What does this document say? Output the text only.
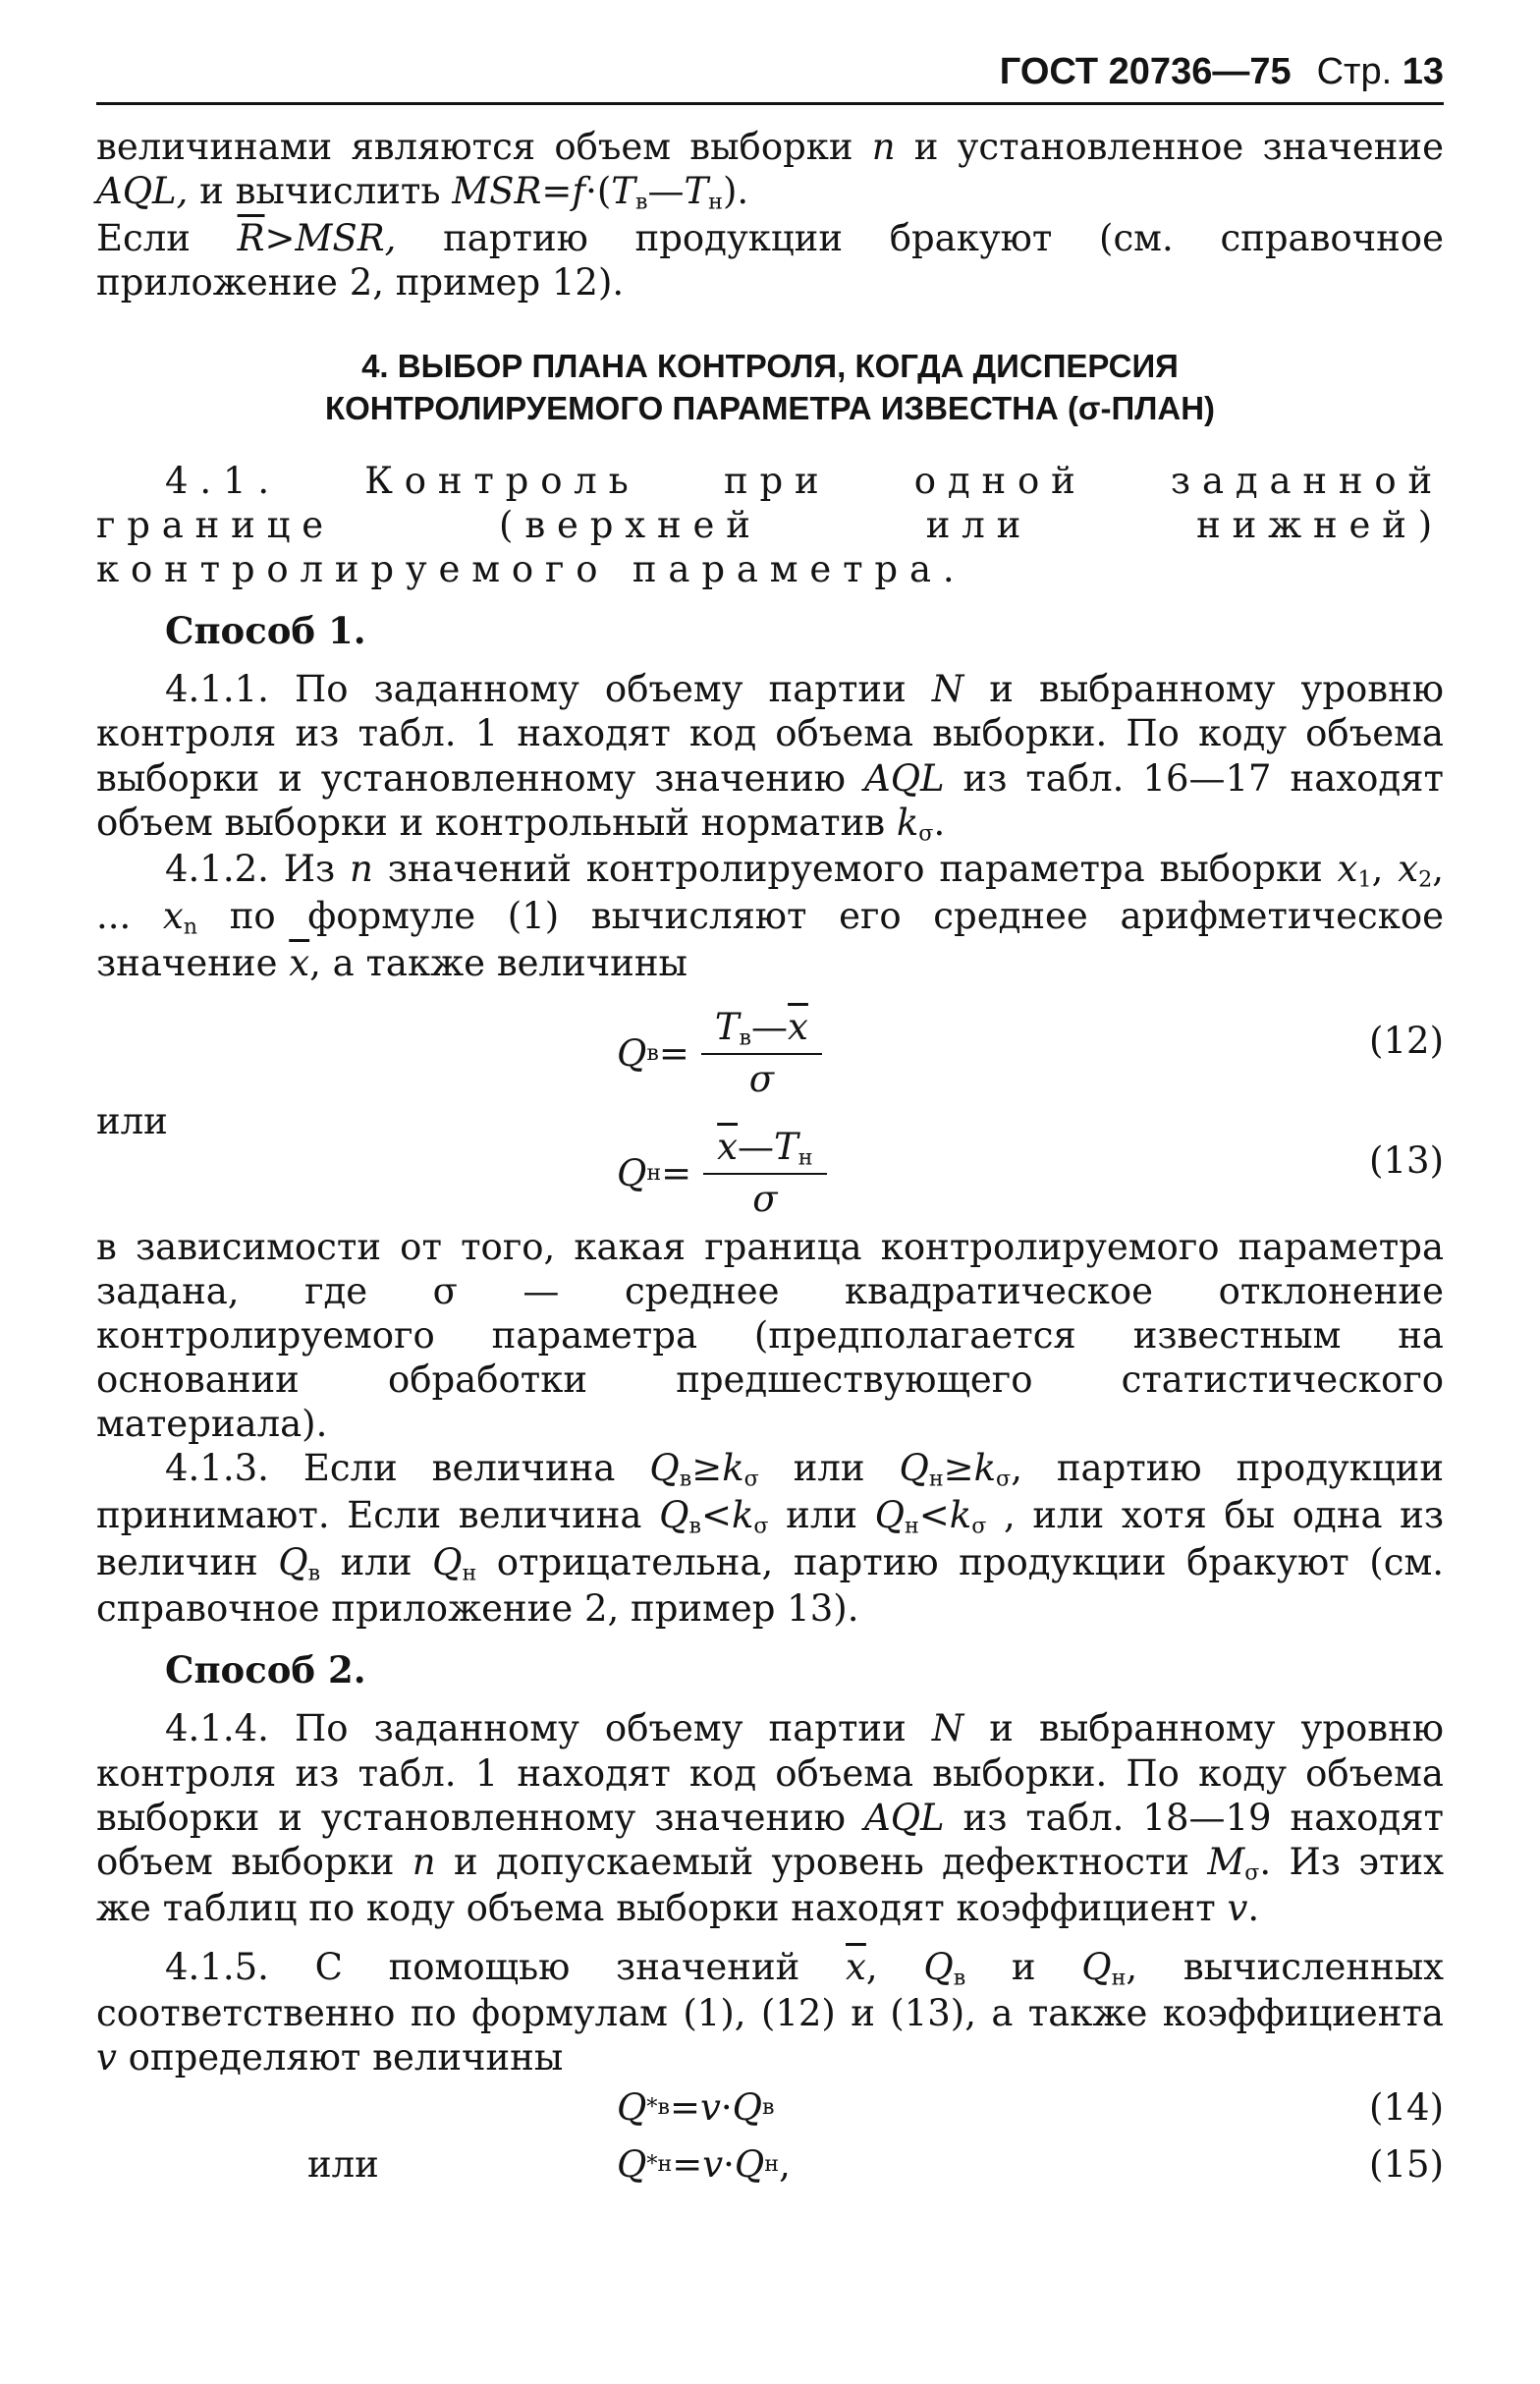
ГОСТ 20736—75 Стр. 13

величинами являются объем выборки n и установленное значение AQL, и вычислить $MSR=f\cdot(T_в—T_н)$.

Если $\overline{R}>MSR$, партию продукции бракуют (см. справочное приложение 2, пример 12).

4. ВЫБОР ПЛАНА КОНТРОЛЯ, КОГДА ДИСПЕРСИЯ
КОНТРОЛИРУЕМОГО ПАРАМЕТРА ИЗВЕСТНА (σ-ПЛАН)

4.1. Контроль при одной заданной границе (верхней или нижней) контролируемого параметра.

Способ 1.

4.1.1. По заданному объему партии N и выбранному уровню контроля из табл. 1 находят код объема выборки. По коду объема выборки и установленному значению AQL из табл. 16—17 находят объем выборки и контрольный норматив $k_\sigma$.

4.1.2. Из n значений контролируемого параметра выборки $x_1$, $x_2$, ... $x_n$ по формуле (1) вычисляют его среднее арифметическое значение $\overline{x}$, а также величины

Q $в = \frac{T_в—\overline{x}}{\sigma}$	(12)
или
Q $н = \frac{\overline{x}—T_н}{\sigma}$	(13)

в зависимости от того, какая граница контролируемого параметра задана, где σ — среднее квадратическое отклонение контролируемого параметра (предполагается известным на основании обработки предшествующего статистического материала).

4.1.3. Если величина $Q_в\ge k_\sigma$ или $Q_н\ge k_\sigma$, партию продукции принимают. Если величина $Q_в<k_\sigma$ или $Q_н<k_\sigma$ , или хотя бы одна из величин $Q_в$ или $Q_н$ отрицательна, партию продукции бракуют (см. справочное приложение 2, пример 13).

Способ 2.

4.1.4. По заданному объему партии N и выбранному уровню контроля из табл. 1 находят код объема выборки. По коду объема выборки и установленному значению AQL из табл. 18—19 находят объем выборки n и допускаемый уровень дефектности $M_\sigma$. Из этих же таблиц по коду объема выборки находят коэффициент v.

4.1.5. С помощью значений $\overline{x}$, $Q_в$ и $Q_н$, вычисленных соответственно по формулам (1), (12) и (13), а также коэффициента v определяют величины

Q * в = v · Q в	(14)
или	Q * н = v · Q н ,	(15)
